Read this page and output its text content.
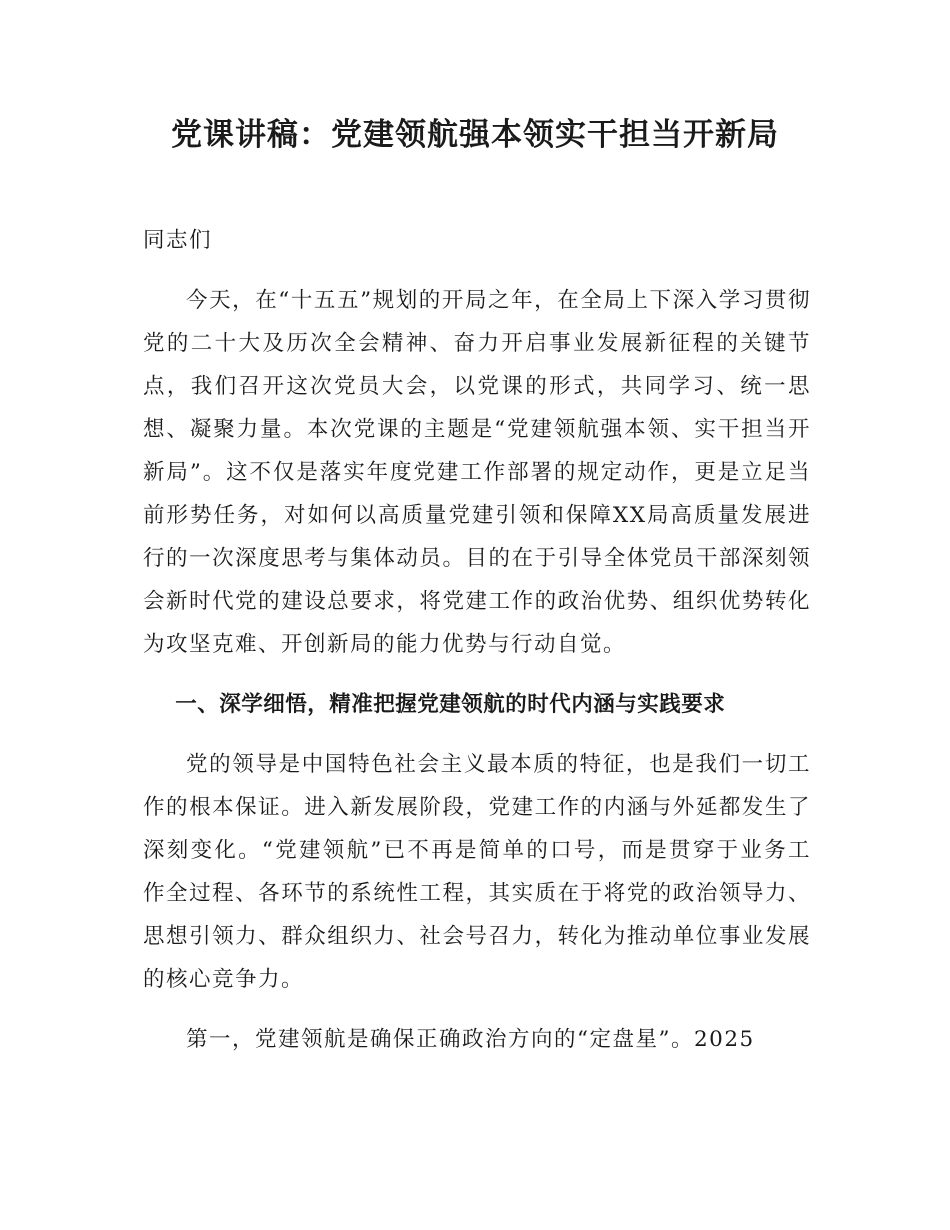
党课讲稿：党建领航强本领实干担当开新局

同志们

今天，在“十五五”规划的开局之年，在全局上下深入学习贯彻党的二十大及历次全会精神、奋力开启事业发展新征程的关键节点，我们召开这次党员大会，以党课的形式，共同学习、统一思想、凝聚力量。本次党课的主题是“党建领航强本领、实干担当开新局”。这不仅是落实年度党建工作部署的规定动作，更是立足当前形势任务，对如何以高质量党建引领和保障XX局高质量发展进行的一次深度思考与集体动员。目的在于引导全体党员干部深刻领会新时代党的建设总要求，将党建工作的政治优势、组织优势转化为攻坚克难、开创新局的能力优势与行动自觉。

一、深学细悟，精准把握党建领航的时代内涵与实践要求

党的领导是中国特色社会主义最本质的特征，也是我们一切工作的根本保证。进入新发展阶段，党建工作的内涵与外延都发生了深刻变化。“党建领航”已不再是简单的口号，而是贯穿于业务工作全过程、各环节的系统性工程，其实质在于将党的政治领导力、思想引领力、群众组织力、社会号召力，转化为推动单位事业发展的核心竞争力。

第一，党建领航是确保正确政治方向的“定盘星”。2025
